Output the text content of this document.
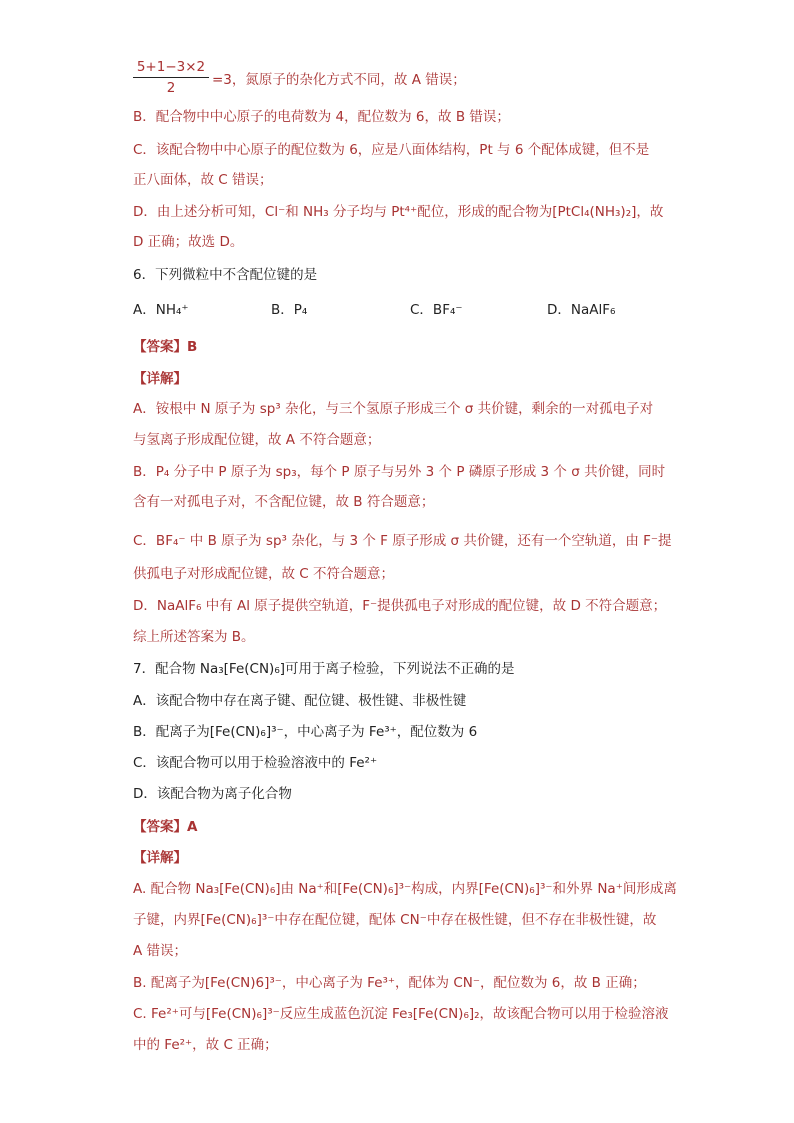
$\frac{5+1-3\times 2}{2} =3$，氮原子的杂化方式不同，故 A 错误；
B．配合物中中心原子的电荷数为 4，配位数为 6，故 B 错误；
C．该配合物中中心原子的配位数为 6，应是八面体结构，Pt 与 6 个配体成键，但不是
正八面体，故 C 错误；
D．由上述分析可知，Cl⁻和 NH₃ 分子均与 Pt⁴⁺配位，形成的配合物为[PtCl₄(NH₃)₂]，故
D 正确；故选 D。
6．下列微粒中不含配位键的是
A．NH₄⁺	B．P₄	C．BF₄⁻	D．NaAlF₆
【答案】B
【详解】
A．铵根中 N 原子为 sp³ 杂化，与三个氢原子形成三个 σ 共价键，剩余的一对孤电子对
与氢离子形成配位键，故 A 不符合题意；
B．P₄ 分子中 P 原子为 sp₃，每个 P 原子与另外 3 个 P 磷原子形成 3 个 σ 共价键，同时
含有一对孤电子对，不含配位键，故 B 符合题意；
C．BF₄⁻ 中 B 原子为 sp³ 杂化，与 3 个 F 原子形成 σ 共价键，还有一个空轨道，由 F⁻提
供孤电子对形成配位键，故 C 不符合题意；
D．NaAlF₆ 中有 Al 原子提供空轨道，F⁻提供孤电子对形成的配位键，故 D 不符合题意；
综上所述答案为 B。
7．配合物 Na₃[Fe(CN)₆]可用于离子检验，下列说法不正确的是
A．该配合物中存在离子键、配位键、极性键、非极性键
B．配离子为[Fe(CN)₆]³⁻，中心离子为 Fe³⁺，配位数为 6
C．该配合物可以用于检验溶液中的 Fe²⁺
D．该配合物为离子化合物
【答案】A
【详解】
A. 配合物 Na₃[Fe(CN)₆]由 Na⁺和[Fe(CN)₆]³⁻构成，内界[Fe(CN)₆]³⁻和外界 Na⁺间形成离
子键，内界[Fe(CN)₆]³⁻中存在配位键，配体 CN⁻中存在极性键，但不存在非极性键，故
A 错误；
B. 配离子为[Fe(CN)6]³⁻，中心离子为 Fe³⁺，配体为 CN⁻，配位数为 6，故 B 正确；
C. Fe²⁺可与[Fe(CN)₆]³⁻反应生成蓝色沉淀 Fe₃[Fe(CN)₆]₂，故该配合物可以用于检验溶液
中的 Fe²⁺，故 C 正确；
